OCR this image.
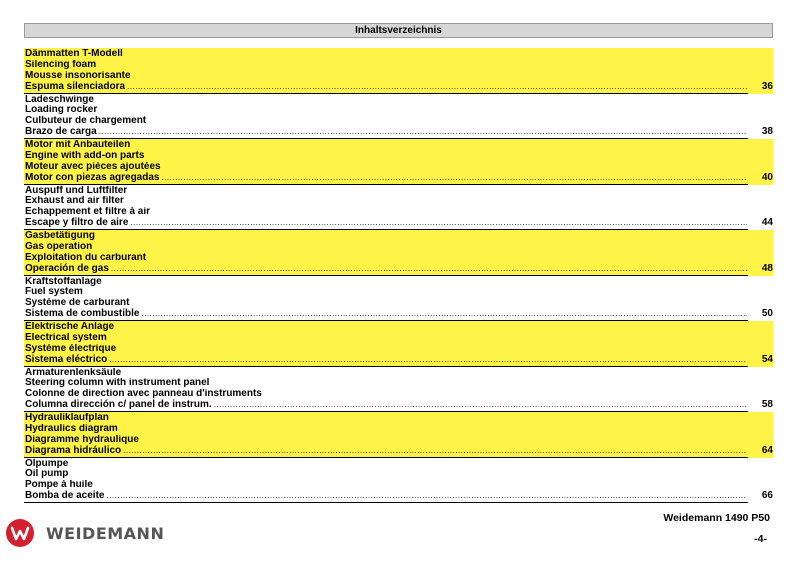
Inhaltsverzeichnis
Dämmatten T-Modell
Silencing foam
Mousse insonorisante
Espuma silenciadora .....	36
Ladeschwinge
Loading rocker
Culbuteur de chargement
Brazo de carga .....	38
Motor mit Anbauteilen
Engine with add-on parts
Moteur avec pièces ajoutées
Motor con piezas agregadas .....	40
Auspuff und Luftfilter
Exhaust and air filter
Echappement et filtre à air
Escape y filtro de aire .....	44
Gasbetätigung
Gas operation
Exploitation du carburant
Operación de gas .....	48
Kraftstoffanlage
Fuel system
Système de carburant
Sistema de combustible .....	50
Elektrische Anlage
Electrical system
Système électrique
Sistema eléctrico .....	54
Armaturenlenksäule
Steering column with instrument panel
Colonne de direction avec panneau d'instruments
Columna dirección c/ panel de instrum. .....	58
Hydrauliklaufplan
Hydraulics diagram
Diagramme hydraulique
Diagrama hidráulico .....	64
Ölpumpe
Oil pump
Pompe à huile
Bomba de aceite .....	66
WEIDEMANN
Weidemann 1490 P50
-4-
